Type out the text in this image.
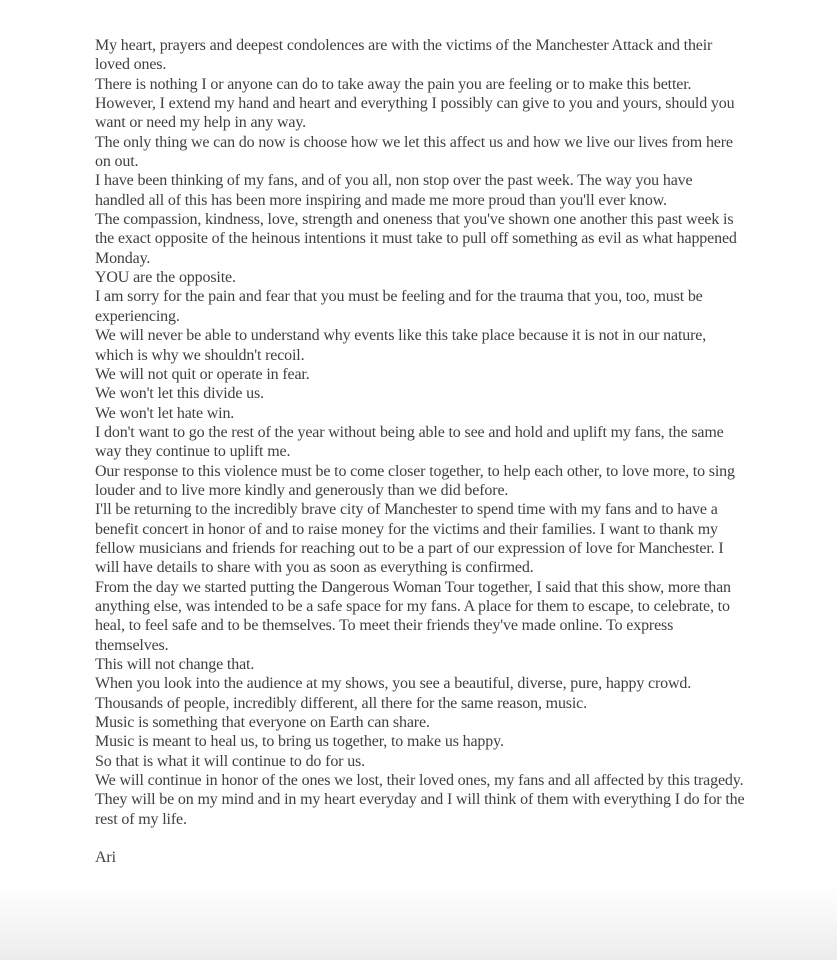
My heart, prayers and deepest condolences are with the victims of the Manchester Attack and their loved ones.

There is nothing I or anyone can do to take away the pain you are feeling or to make this better.

However, I extend my hand and heart and everything I possibly can give to you and yours, should you want or need my help in any way.

The only thing we can do now is choose how we let this affect us and how we live our lives from here on out.

I have been thinking of my fans, and of you all, non stop over the past week. The way you have handled all of this has been more inspiring and made me more proud than you'll ever know.

The compassion, kindness, love, strength and oneness that you've shown one another this past week is the exact opposite of the heinous intentions it must take to pull off something as evil as what happened Monday.

YOU are the opposite.

I am sorry for the pain and fear that you must be feeling and for the trauma that you, too, must be experiencing.

We will never be able to understand why events like this take place because it is not in our nature, which is why we shouldn't recoil.

We will not quit or operate in fear.

We won't let this divide us.

We won't let hate win.

I don't want to go the rest of the year without being able to see and hold and uplift my fans, the same way they continue to uplift me.

Our response to this violence must be to come closer together, to help each other, to love more, to sing louder and to live more kindly and generously than we did before.

I'll be returning to the incredibly brave city of Manchester to spend time with my fans and to have a benefit concert in honor of and to raise money for the victims and their families. I want to thank my fellow musicians and friends for reaching out to be a part of our expression of love for Manchester. I will have details to share with you as soon as everything is confirmed.

From the day we started putting the Dangerous Woman Tour together, I said that this show, more than anything else, was intended to be a safe space for my fans. A place for them to escape, to celebrate, to heal, to feel safe and to be themselves. To meet their friends they've made online. To express themselves.

This will not change that.

When you look into the audience at my shows, you see a beautiful, diverse, pure, happy crowd.

Thousands of people, incredibly different, all there for the same reason, music.

Music is something that everyone on Earth can share.

Music is meant to heal us, to bring us together, to make us happy.

So that is what it will continue to do for us.

We will continue in honor of the ones we lost, their loved ones, my fans and all affected by this tragedy.

They will be on my mind and in my heart everyday and I will think of them with everything I do for the rest of my life.

Ari
